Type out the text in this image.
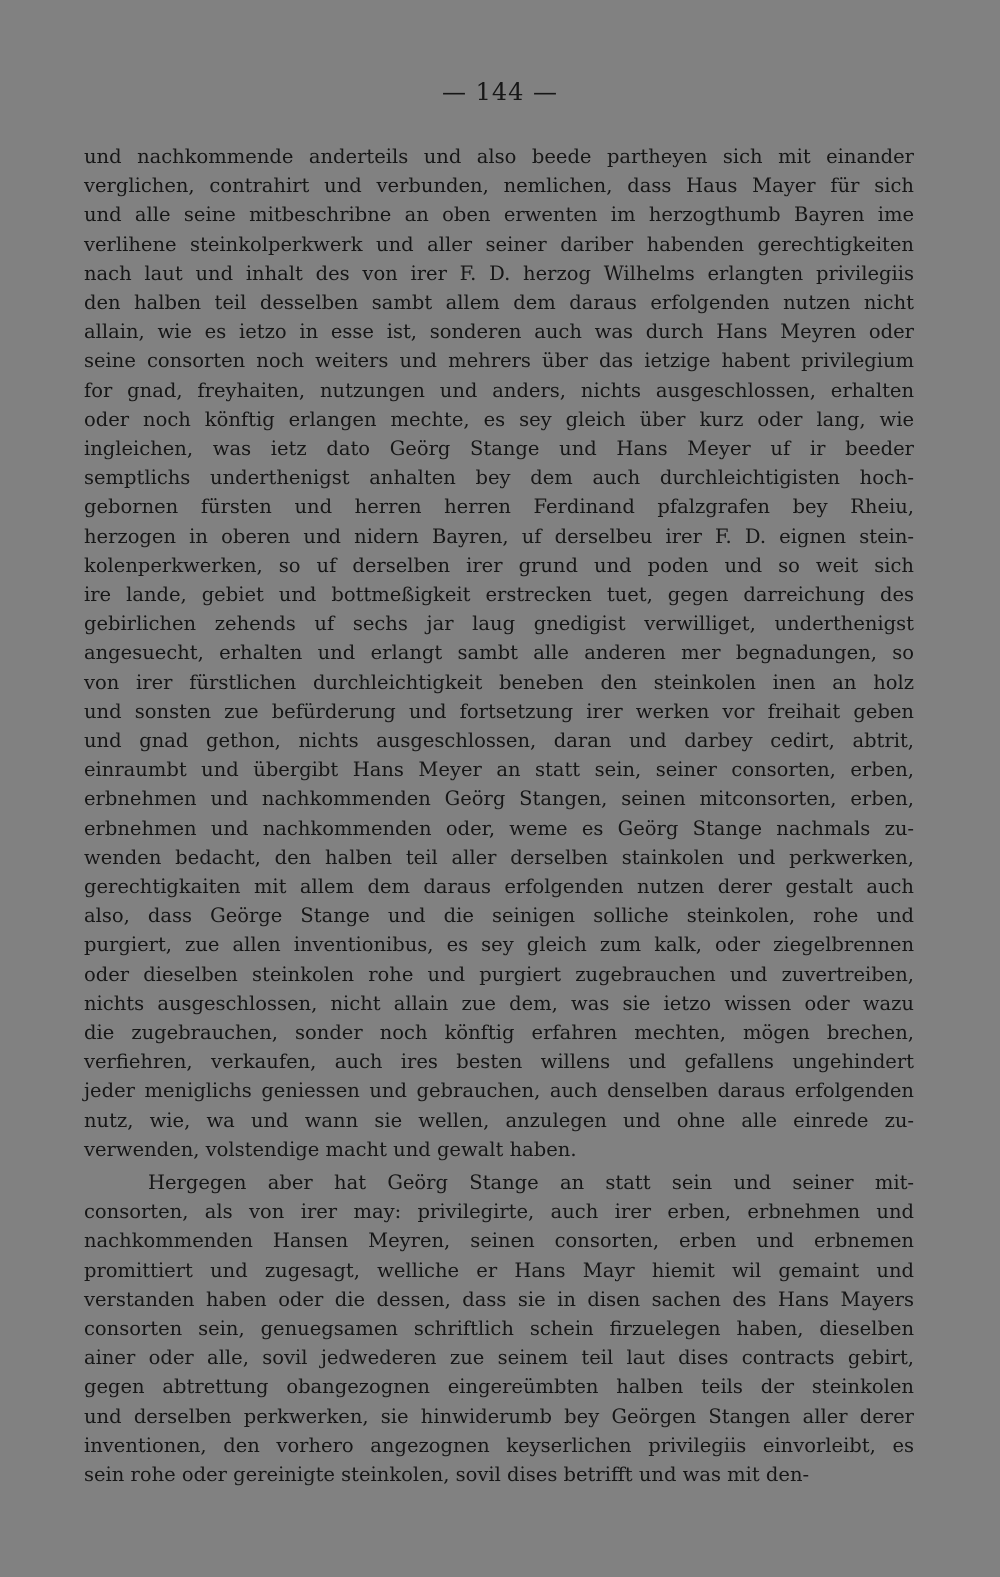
— 144 —
und nachkommende anderteils und also beede partheyen sich mit einander
verglichen, contrahirt und verbunden, nemlichen, dass Haus Mayer für sich
und alle seine mitbeschribne an oben erwenten im herzogthumb Bayren ime
verlihene steinkolperkwerk und aller seiner dariber habenden gerechtigkeiten
nach laut und inhalt des von irer F. D. herzog Wilhelms erlangten privilegiis
den halben teil desselben sambt allem dem daraus erfolgenden nutzen nicht
allain, wie es ietzo in esse ist, sonderen auch was durch Hans Meyren oder
seine consorten noch weiters und mehrers über das ietzige habent privilegium
for gnad, freyhaiten, nutzungen und anders, nichts ausgeschlossen, erhalten
oder noch könftig erlangen mechte, es sey gleich über kurz oder lang, wie
ingleichen, was ietz dato Geörg Stange und Hans Meyer uf ir beeder
semptlichs underthenigst anhalten bey dem auch durchleichtigisten hoch-
gebornen fürsten und herren herren Ferdinand pfalzgrafen bey Rheiu,
herzogen in oberen und nidern Bayren, uf derselbeu irer F. D. eignen stein-
kolenperkwerken, so uf derselben irer grund und poden und so weit sich
ire lande, gebiet und bottmeßigkeit erstrecken tuet, gegen darreichung des
gebirlichen zehends uf sechs jar laug gnedigist verwilliget, underthenigst
angesuecht, erhalten und erlangt sambt alle anderen mer begnadungen, so
von irer fürstlichen durchleichtigkeit beneben den steinkolen inen an holz
und sonsten zue befürderung und fortsetzung irer werken vor freihait geben
und gnad gethon, nichts ausgeschlossen, daran und darbey cedirt, abtrit,
einraumbt und übergibt Hans Meyer an statt sein, seiner consorten, erben,
erbnehmen und nachkommenden Geörg Stangen, seinen mitconsorten, erben,
erbnehmen und nachkommenden oder, weme es Geörg Stange nachmals zu-
wenden bedacht, den halben teil aller derselben stainkolen und perkwerken,
gerechtigkaiten mit allem dem daraus erfolgenden nutzen derer gestalt auch
also, dass Geörge Stange und die seinigen solliche steinkolen, rohe und
purgiert, zue allen inventionibus, es sey gleich zum kalk, oder ziegelbrennen
oder dieselben steinkolen rohe und purgiert zugebrauchen und zuvertreiben,
nichts ausgeschlossen, nicht allain zue dem, was sie ietzo wissen oder wazu
die zugebrauchen, sonder noch könftig erfahren mechten, mögen brechen,
verfiehren, verkaufen, auch ires besten willens und gefallens ungehindert
jeder meniglichs geniessen und gebrauchen, auch denselben daraus erfolgenden
nutz, wie, wa und wann sie wellen, anzulegen und ohne alle einrede zu-
verwenden, volstendige macht und gewalt haben.
Hergegen aber hat Geörg Stange an statt sein und seiner mit-
consorten, als von irer may: privilegirte, auch irer erben, erbnehmen und
nachkommenden Hansen Meyren, seinen consorten, erben und erbnemen
promittiert und zugesagt, welliche er Hans Mayr hiemit wil gemaint und
verstanden haben oder die dessen, dass sie in disen sachen des Hans Mayers
consorten sein, genuegsamen schriftlich schein firzuelegen haben, dieselben
ainer oder alle, sovil jedwederen zue seinem teil laut dises contracts gebirt,
gegen abtrettung obangezognen eingereümbten halben teils der steinkolen
und derselben perkwerken, sie hinwiderumb bey Geörgen Stangen aller derer
inventionen, den vorhero angezognen keyserlichen privilegiis einvorleibt, es
sein rohe oder gereinigte steinkolen, sovil dises betrifft und was mit den-
